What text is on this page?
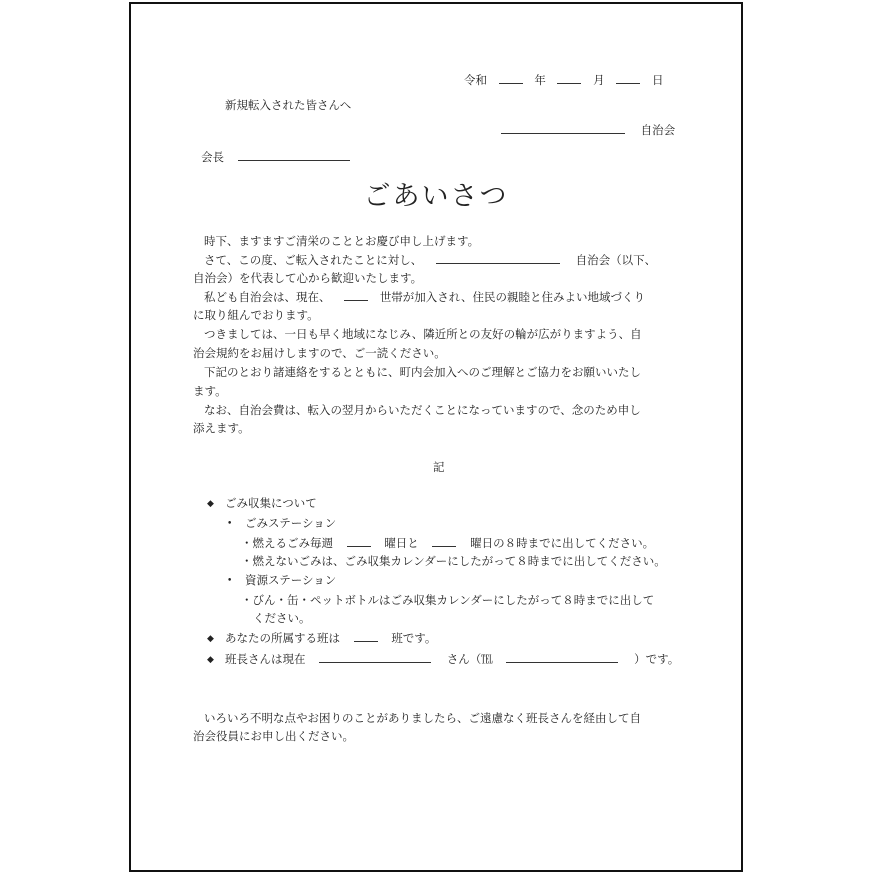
令和	年	月	日
新規転入された皆さんへ
自治会
会長
ごあいさつ
時下、ますますご清栄のこととお慶び申し上げます。
さて、この度、ご転入されたことに対し、	自治会（以下、
自治会）を代表して心から歓迎いたします。
私ども自治会は、現在、	世帯が加入され、住民の親睦と住みよい地域づくり
に取り組んでおります。
つきましては、一日も早く地域になじみ、隣近所との友好の輪が広がりますよう、自
治会規約をお届けしますので、ご一読ください。
下記のとおり諸連絡をするとともに、町内会加入へのご理解とご協力をお願いいたし
ます。
なお、自治会費は、転入の翌月からいただくことになっていますので、念のため申し
添えます。
記
◆ ごみ収集について
• ごみステーション
・燃えるごみ毎週	曜日と	曜日の８時までに出してください。
・燃えないごみは、ごみ収集カレンダーにしたがって８時までに出してください。
• 資源ステーション
・びん・缶・ペットボトルはごみ収集カレンダーにしたがって８時までに出して
ください。
◆ あなたの所属する班は	班です。
◆ 班長さんは現在	さん（℡	）です。
いろいろ不明な点やお困りのことがありましたら、ご遠慮なく班長さんを経由して自
治会役員にお申し出ください。
